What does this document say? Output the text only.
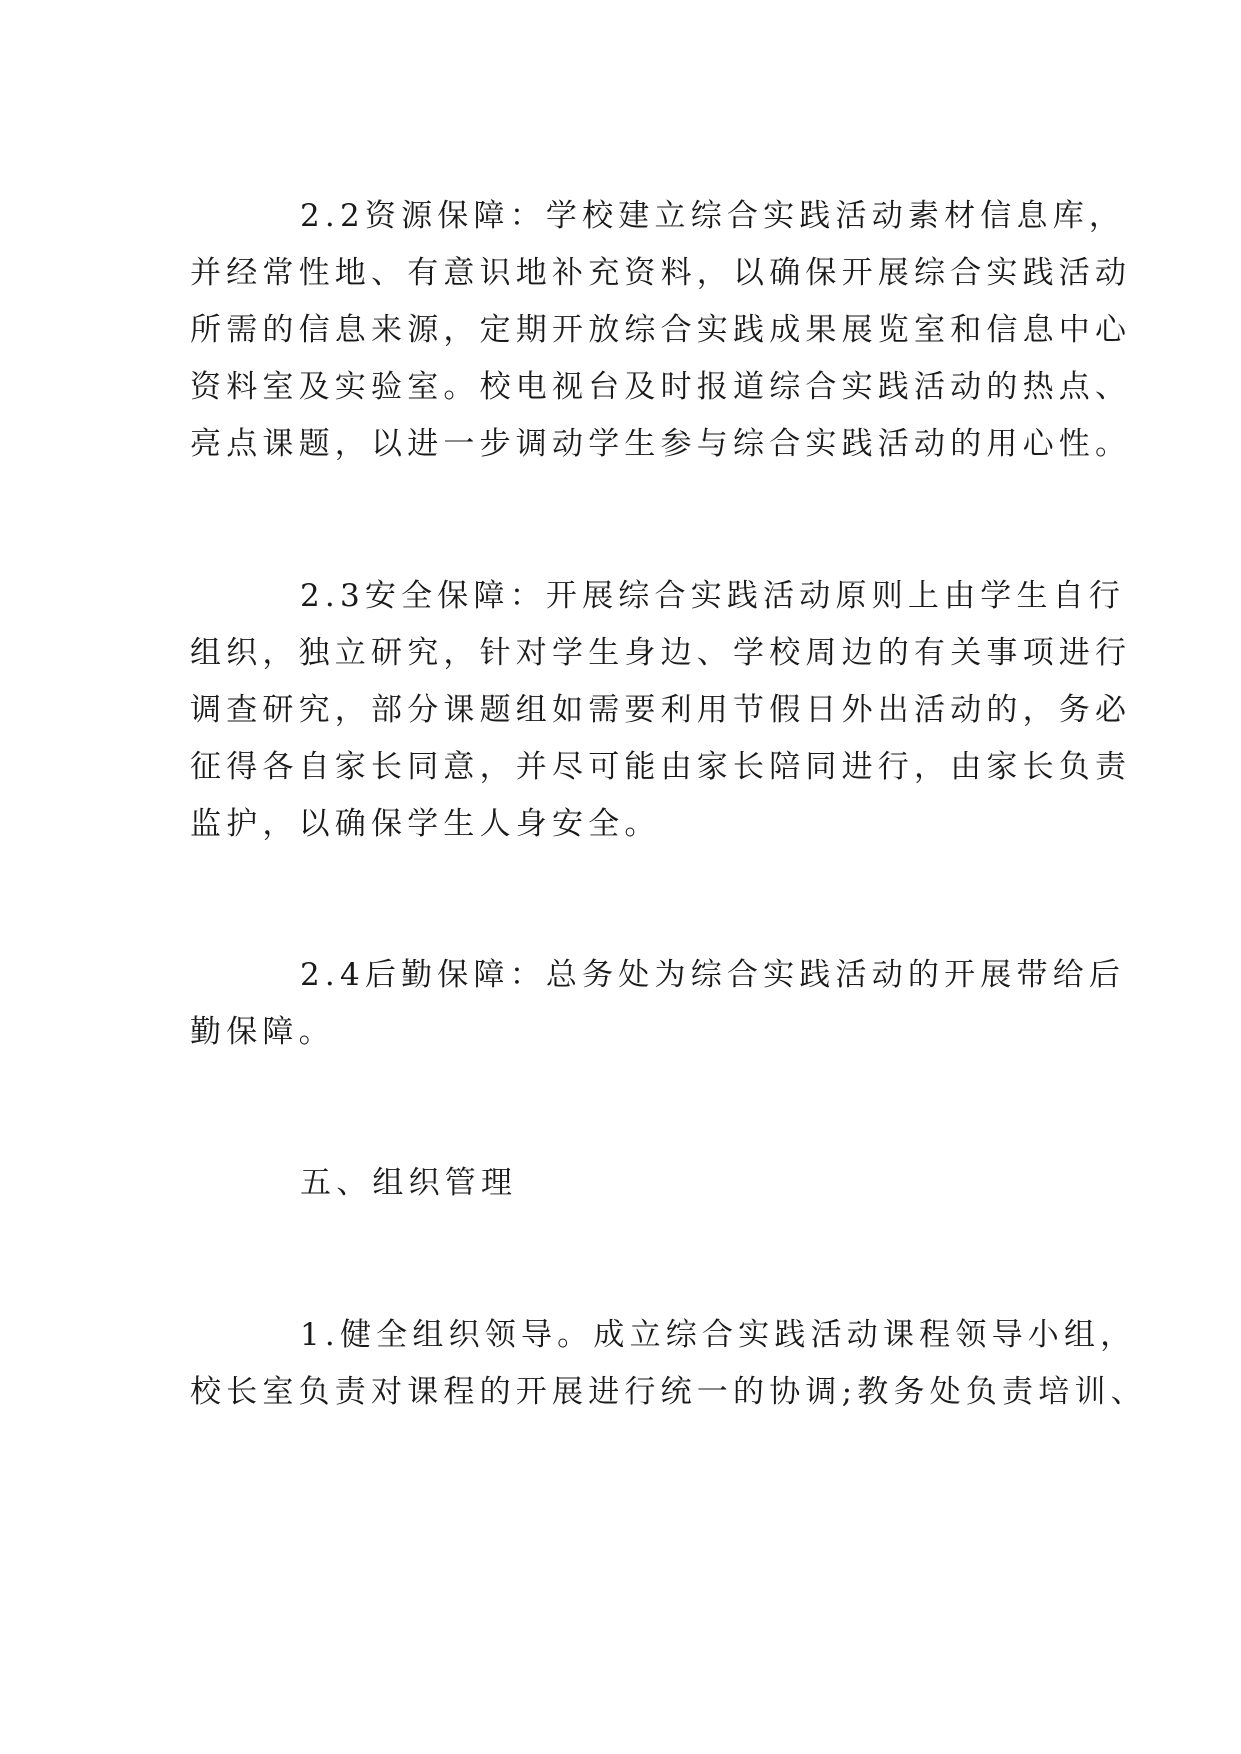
2.2资源保障：学校建立综合实践活动素材信息库，
并经常性地、有意识地补充资料，以确保开展综合实践活动
所需的信息来源，定期开放综合实践成果展览室和信息中心
资料室及实验室。校电视台及时报道综合实践活动的热点、
亮点课题，以进一步调动学生参与综合实践活动的用心性。
2.3安全保障：开展综合实践活动原则上由学生自行
组织，独立研究，针对学生身边、学校周边的有关事项进行
调查研究，部分课题组如需要利用节假日外出活动的，务必
征得各自家长同意，并尽可能由家长陪同进行，由家长负责
监护，以确保学生人身安全。
2.4后勤保障：总务处为综合实践活动的开展带给后
勤保障。
五、组织管理
1.健全组织领导。成立综合实践活动课程领导小组，
校长室负责对课程的开展进行统一的协调;教务处负责培训、
